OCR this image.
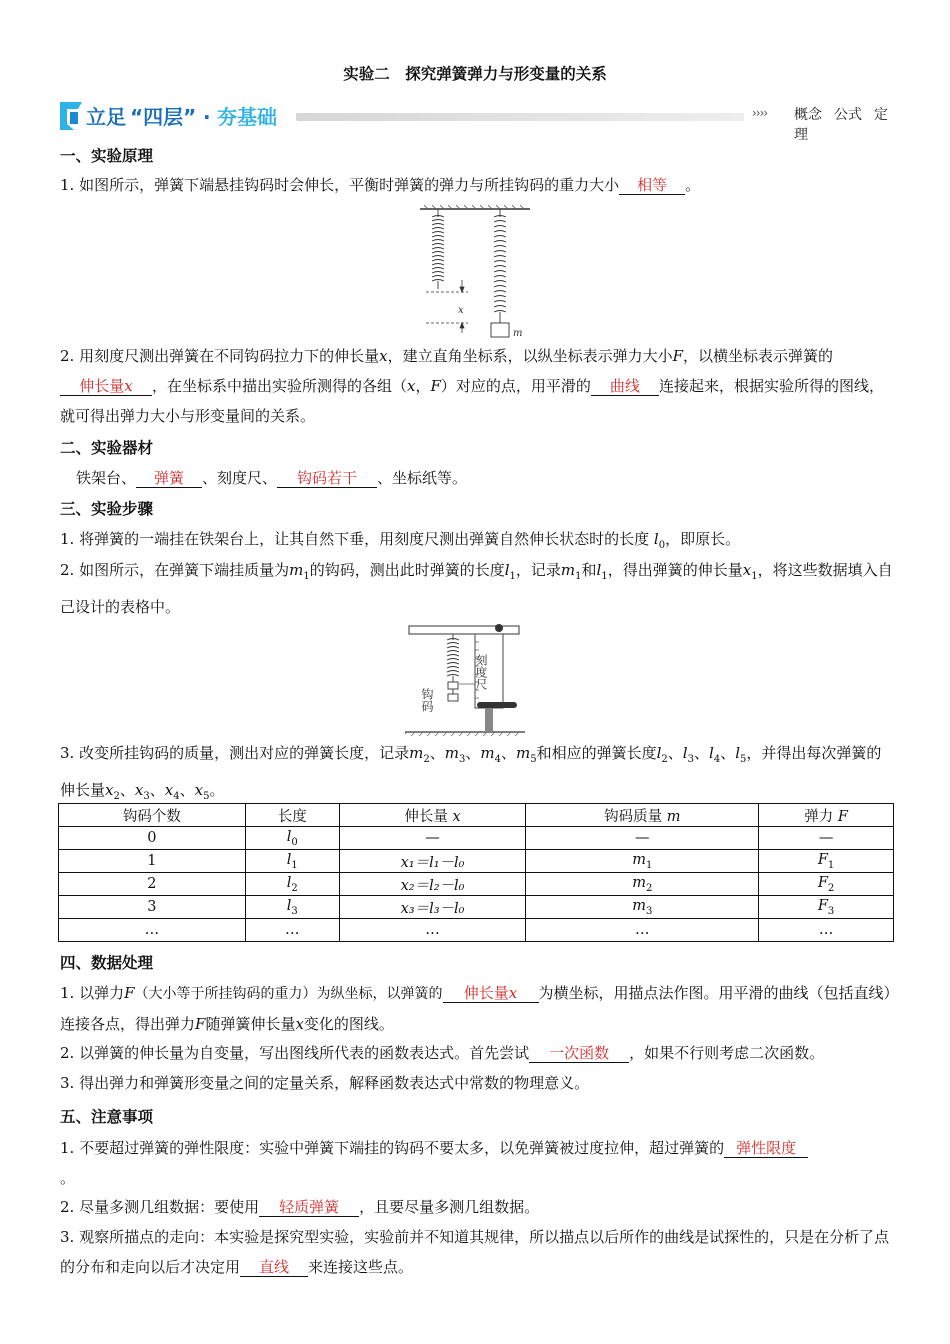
实验二　探究弹簧弹力与形变量的关系
立足 “四层” · 夯基础	›››› 概念 公式 定理
一、实验原理
1. 如图所示，弹簧下端悬挂钩码时会伸长，平衡时弹簧的弹力与所挂钩码的重力大小 相等 。
x
m
2. 用刻度尺测出弹簧在不同钩码拉力下的伸长量x，建立直角坐标系，以纵坐标表示弹力大小F，以横坐标表示弹簧的伸长量x ，在坐标系中描出实验所测得的各组（x，F）对应的点，用平滑的 曲线 连接起来，根据实验所得的图线，就可得出弹力大小与形变量间的关系。
二、实验器材
铁架台、 弹簧 、刻度尺、 钩码若干 、坐标纸等。
三、实验步骤
1. 将弹簧的一端挂在铁架台上，让其自然下垂，用刻度尺测出弹簧自然伸长状态时的长度 $l_0$，即原长。
2. 如图所示，在弹簧下端挂质量为$m_1$的钩码，测出此时弹簧的长度$l_1$，记录$m_1$和$l_1$，得出弹簧的伸长量$x_1$，将这些数据填入自己设计的表格中。
刻度尺
钩码
3. 改变所挂钩码的质量，测出对应的弹簧长度，记录$m_2$、$m_3$、$m_4$、$m_5$和相应的弹簧长度$l_2$、$l_3$、$l_4$、$l_5$，并得出每次弹簧的伸长量$x_2$、$x_3$、$x_4$、$x_5$。
钩码个数	长度	伸长量 x	钩码质量 m	弹力 F
0	$l_0$	—	—	—
1	$l_1$	x₁＝l₁－l₀	$m_1$	$F_1$
2	$l_2$	x₂＝l₂－l₀	$m_2$	$F_2$
3	$l_3$	x₃＝l₃－l₀	$m_3$	$F_3$
…	…	…	…	…
四、数据处理
1. 以弹力F（大小等于所挂钩码的重力）为纵坐标，以弹簧的 伸长量x 为横坐标，用描点法作图。用平滑的曲线（包括直线）连接各点，得出弹力F随弹簧伸长量x变化的图线。
2. 以弹簧的伸长量为自变量，写出图线所代表的函数表达式。首先尝试 一次函数 ，如果不行则考虑二次函数。
3. 得出弹力和弹簧形变量之间的定量关系，解释函数表达式中常数的物理意义。
五、注意事项
1. 不要超过弹簧的弹性限度：实验中弹簧下端挂的钩码不要太多，以免弹簧被过度拉伸，超过弹簧的 弹性限度
。
2. 尽量多测几组数据：要使用 轻质弹簧 ，且要尽量多测几组数据。
3. 观察所描点的走向：本实验是探究型实验，实验前并不知道其规律，所以描点以后所作的曲线是试探性的，只是在分析了点的分布和走向以后才决定用 直线 来连接这些点。
